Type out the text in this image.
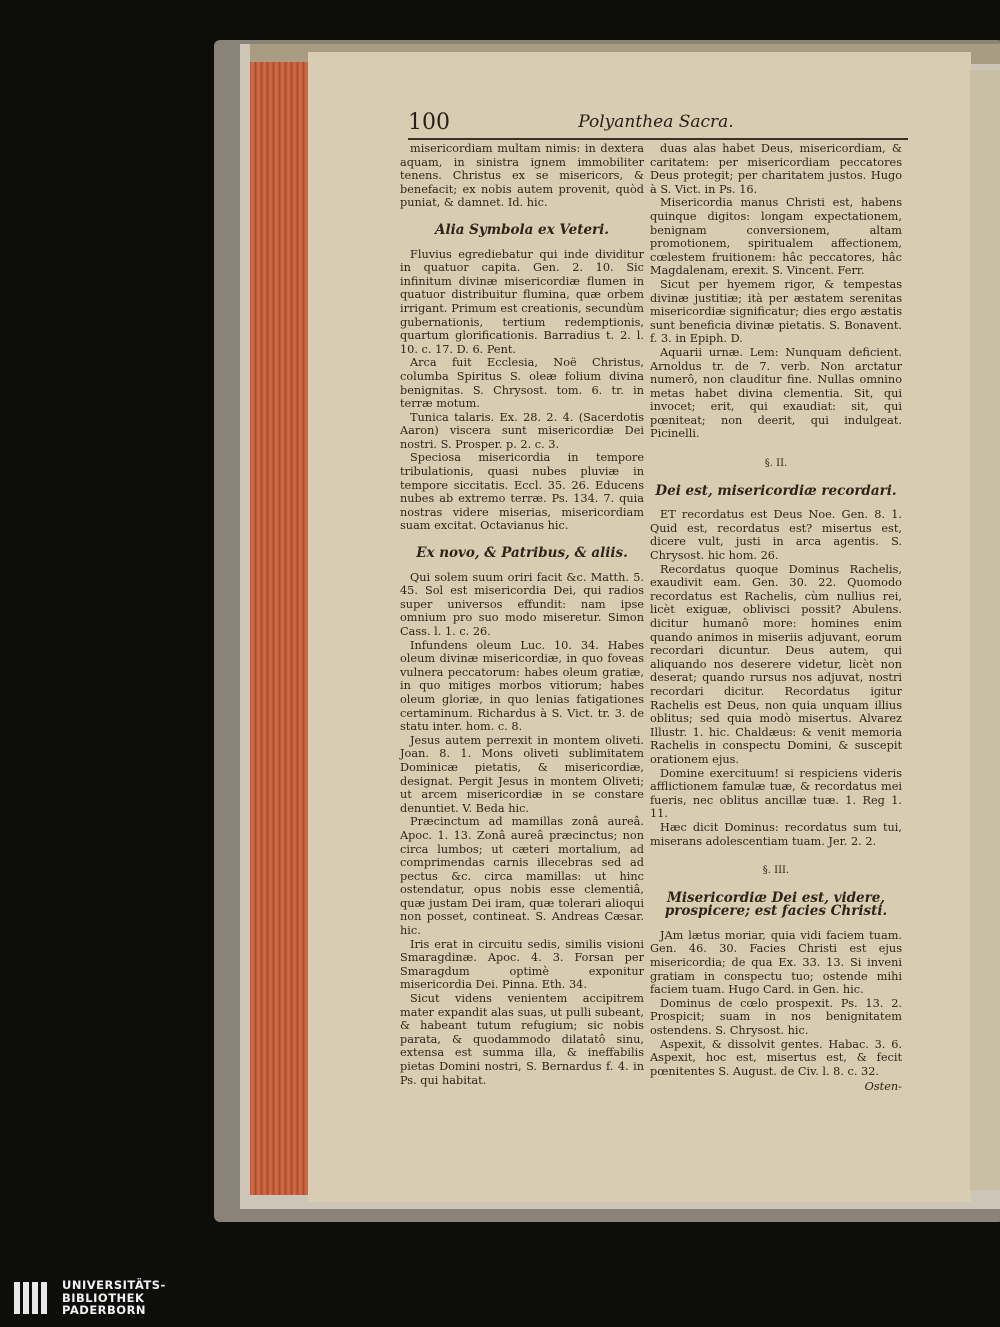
100	Polyanthea Sacra.

misericordiam multam nimis: in dextera aquam, in sinistra ignem immobiliter tenens. Christus ex se misericors, & benefacit; ex nobis autem provenit, quòd puniat, & damnet. Id. hic.

Alia Symbola ex Veteri.

Fluvius egrediebatur qui inde dividitur in quatuor capita. Gen. 2. 10. Sic infinitum divinæ misericordiæ flumen in quatuor distribuitur flumina, quæ orbem irrigant. Primum est creationis, secundùm gubernationis, tertium redemptionis, quartum glorificationis. Barradius t. 2. l. 10. c. 17. D. 6. Pent.

Arca fuit Ecclesia, Noë Christus, columba Spiritus S. oleæ folium divina benignitas. S. Chrysost. tom. 6. tr. in terræ motum.

Tunica talaris. Ex. 28. 2. 4. (Sacerdotis Aaron) viscera sunt misericordiæ Dei nostri. S. Prosper. p. 2. c. 3.

Speciosa misericordia in tempore tribulationis, quasi nubes pluviæ in tempore siccitatis. Eccl. 35. 26. Educens nubes ab extremo terræ. Ps. 134. 7. quia nostras videre miserias, misericordiam suam excitat. Octavianus hic.

Ex novo, & Patribus, & aliis.

Qui solem suum oriri facit &c. Matth. 5. 45. Sol est misericordia Dei, qui radios super universos effundit: nam ipse omnium pro suo modo miseretur. Simon Cass. l. 1. c. 26.

Infundens oleum Luc. 10. 34. Habes oleum divinæ misericordiæ, in quo foveas vulnera peccatorum: habes oleum gratiæ, in quo mitiges morbos vitiorum; habes oleum gloriæ, in quo lenias fatigationes certaminum. Richardus à S. Vict. tr. 3. de statu inter. hom. c. 8.

Jesus autem perrexit in montem oliveti. Joan. 8. 1. Mons oliveti sublimitatem Dominicæ pietatis, & misericordiæ, designat. Pergit Jesus in montem Oliveti; ut arcem misericordiæ in se constare denuntiet. V. Beda hic.

Præcinctum ad mamillas zonâ aureâ. Apoc. 1. 13. Zonâ aureâ præcinctus; non circa lumbos; ut cæteri mortalium, ad comprimendas carnis illecebras sed ad pectus &c. circa mamillas: ut hinc ostendatur, opus nobis esse clementiâ, quæ justam Dei iram, quæ tolerari alioqui non posset, contineat. S. Andreas Cæsar. hic.

Iris erat in circuitu sedis, similis visioni Smaragdinæ. Apoc. 4. 3. Forsan per Smaragdum optimè exponitur misericordia Dei. Pinna. Eth. 34.

Sicut videns venientem accipitrem mater expandit alas suas, ut pulli subeant, & habeant tutum refugium; sic nobis parata, & quodammodo dilatatô sinu, extensa est summa illa, & ineffabilis pietas Domini nostri, S. Bernardus f. 4. in Ps. qui habitat.

duas alas habet Deus, misericordiam, & caritatem: per misericordiam peccatores Deus protegit; per charitatem justos. Hugo à S. Vict. in Ps. 16.

Misericordia manus Christi est, habens quinque digitos: longam expectationem, benignam conversionem, altam promotionem, spiritualem affectionem, cœlestem fruitionem: hâc peccatores, hâc Magdalenam, erexit. S. Vincent. Ferr.

Sicut per hyemem rigor, & tempestas divinæ justitiæ; ità per æstatem serenitas misericordiæ significatur; dies ergo æstatis sunt beneficia divinæ pietatis. S. Bonavent. f. 3. in Epiph. D.

Aquarii urnæ. Lem: Nunquam deficient. Arnoldus tr. de 7. verb. Non arctatur numerô, non clauditur fine. Nullas omnino metas habet divina clementia. Sit, qui invocet; erit, qui exaudiat: sit, qui pœniteat; non deerit, qui indulgeat. Picinelli.

§. II.

Dei est, misericordiæ recordari.

ET recordatus est Deus Noe. Gen. 8. 1. Quid est, recordatus est? misertus est, dicere vult, justi in arca agentis. S. Chrysost. hic hom. 26.

Recordatus quoque Dominus Rachelis, exaudivit eam. Gen. 30. 22. Quomodo recordatus est Rachelis, cùm nullius rei, licèt exiguæ, oblivisci possit? Abulens. dicitur humanô more: homines enim quando animos in miseriis adjuvant, eorum recordari dicuntur. Deus autem, qui aliquando nos deserere videtur, licèt non deserat; quando rursus nos adjuvat, nostri recordari dicitur. Recordatus igitur Rachelis est Deus, non quia unquam illius oblitus; sed quia modò misertus. Alvarez Illustr. 1. hic. Chaldæus: & venit memoria Rachelis in conspectu Domini, & suscepit orationem ejus.

Domine exercituum! si respiciens videris afflictionem famulæ tuæ, & recordatus mei fueris, nec oblitus ancillæ tuæ. 1. Reg 1. 11.

Hæc dicit Dominus: recordatus sum tui, miserans adolescentiam tuam. Jer. 2. 2.

§. III.

Misericordiæ Dei est, videre, prospicere; est facies Christi.

JAm lætus moriar, quia vidi faciem tuam. Gen. 46. 30. Facies Christi est ejus misericordia; de qua Ex. 33. 13. Si inveni gratiam in conspectu tuo; ostende mihi faciem tuam. Hugo Card. in Gen. hic.

Dominus de cœlo prospexit. Ps. 13. 2. Prospicit; suam in nos benignitatem ostendens. S. Chrysost. hic.

Aspexit, & dissolvit gentes. Habac. 3. 6. Aspexit, hoc est, misertus est, & fecit pœnitentes S. August. de Civ. l. 8. c. 32.

Osten-

UNIVERSITÄTS-
BIBLIOTHEK
PADERBORN
